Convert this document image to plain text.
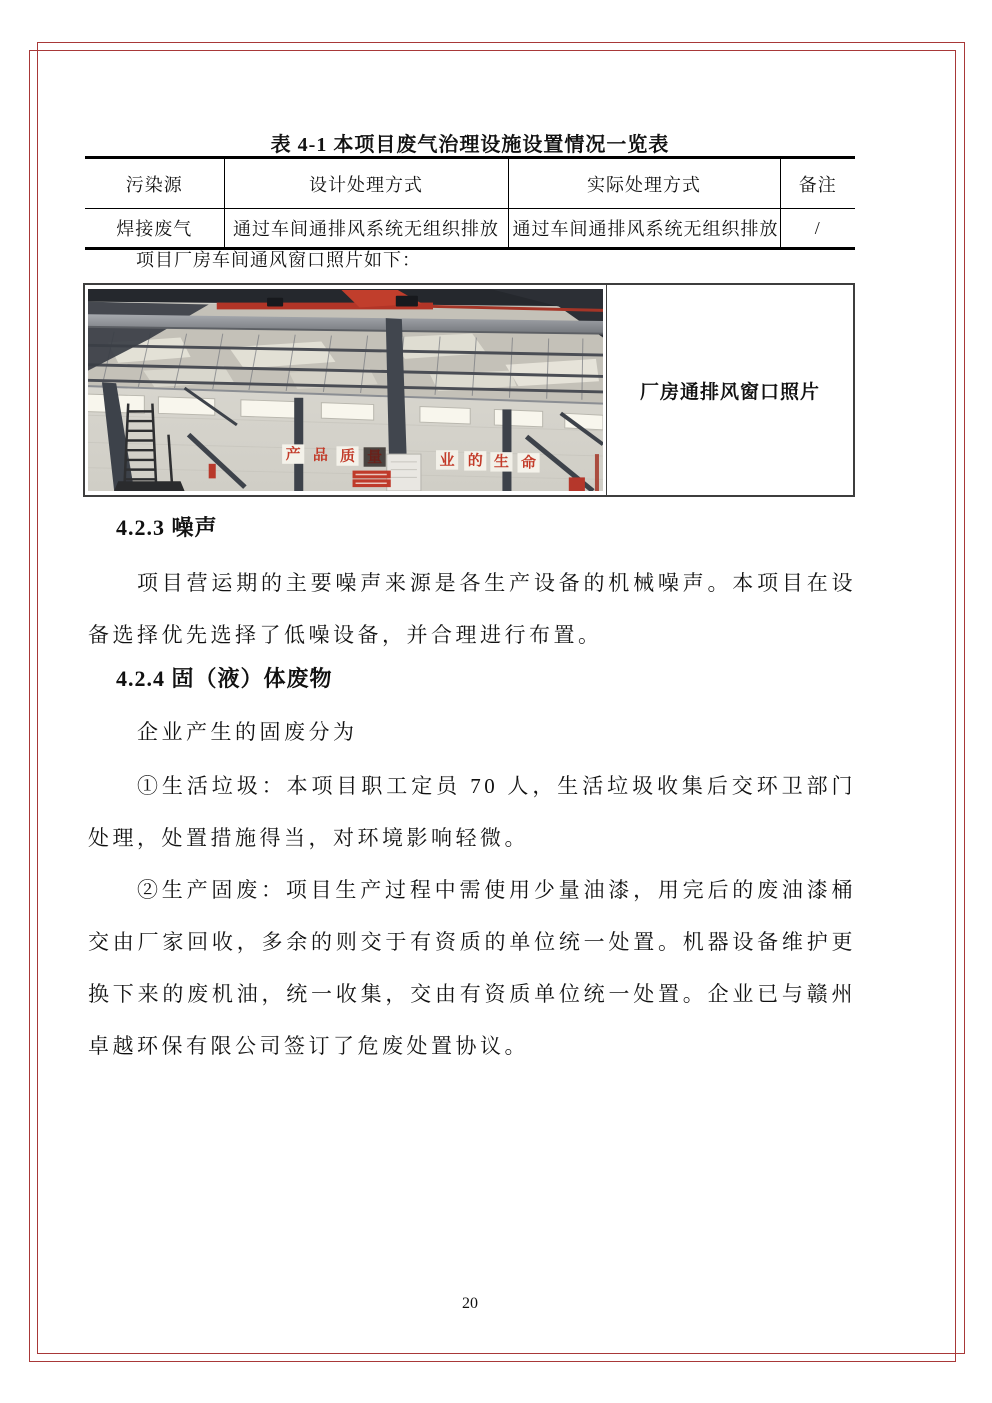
表 4-1 本项目废气治理设施设置情况一览表
污染源	设计处理方式	实际处理方式	备注
焊接废气	通过车间通排风系统无组织排放	通过车间通排风系统无组织排放	/
项目厂房车间通风窗口照片如下：
产 品 质 量	业 的 生 命
厂房通排风窗口照片
4.2.3 噪声

项目营运期的主要噪声来源是各生产设备的机械噪声。本项目在设备选择优先选择了低噪设备，并合理进行布置。

4.2.4 固（液）体废物

企业产生的固废分为

①生活垃圾：本项目职工定员 70 人，生活垃圾收集后交环卫部门处理，处置措施得当，对环境影响轻微。

②生产固废：项目生产过程中需使用少量油漆，用完后的废油漆桶交由厂家回收，多余的则交于有资质的单位统一处置。机器设备维护更换下来的废机油，统一收集，交由有资质单位统一处置。企业已与赣州卓越环保有限公司签订了危废处置协议。

20
